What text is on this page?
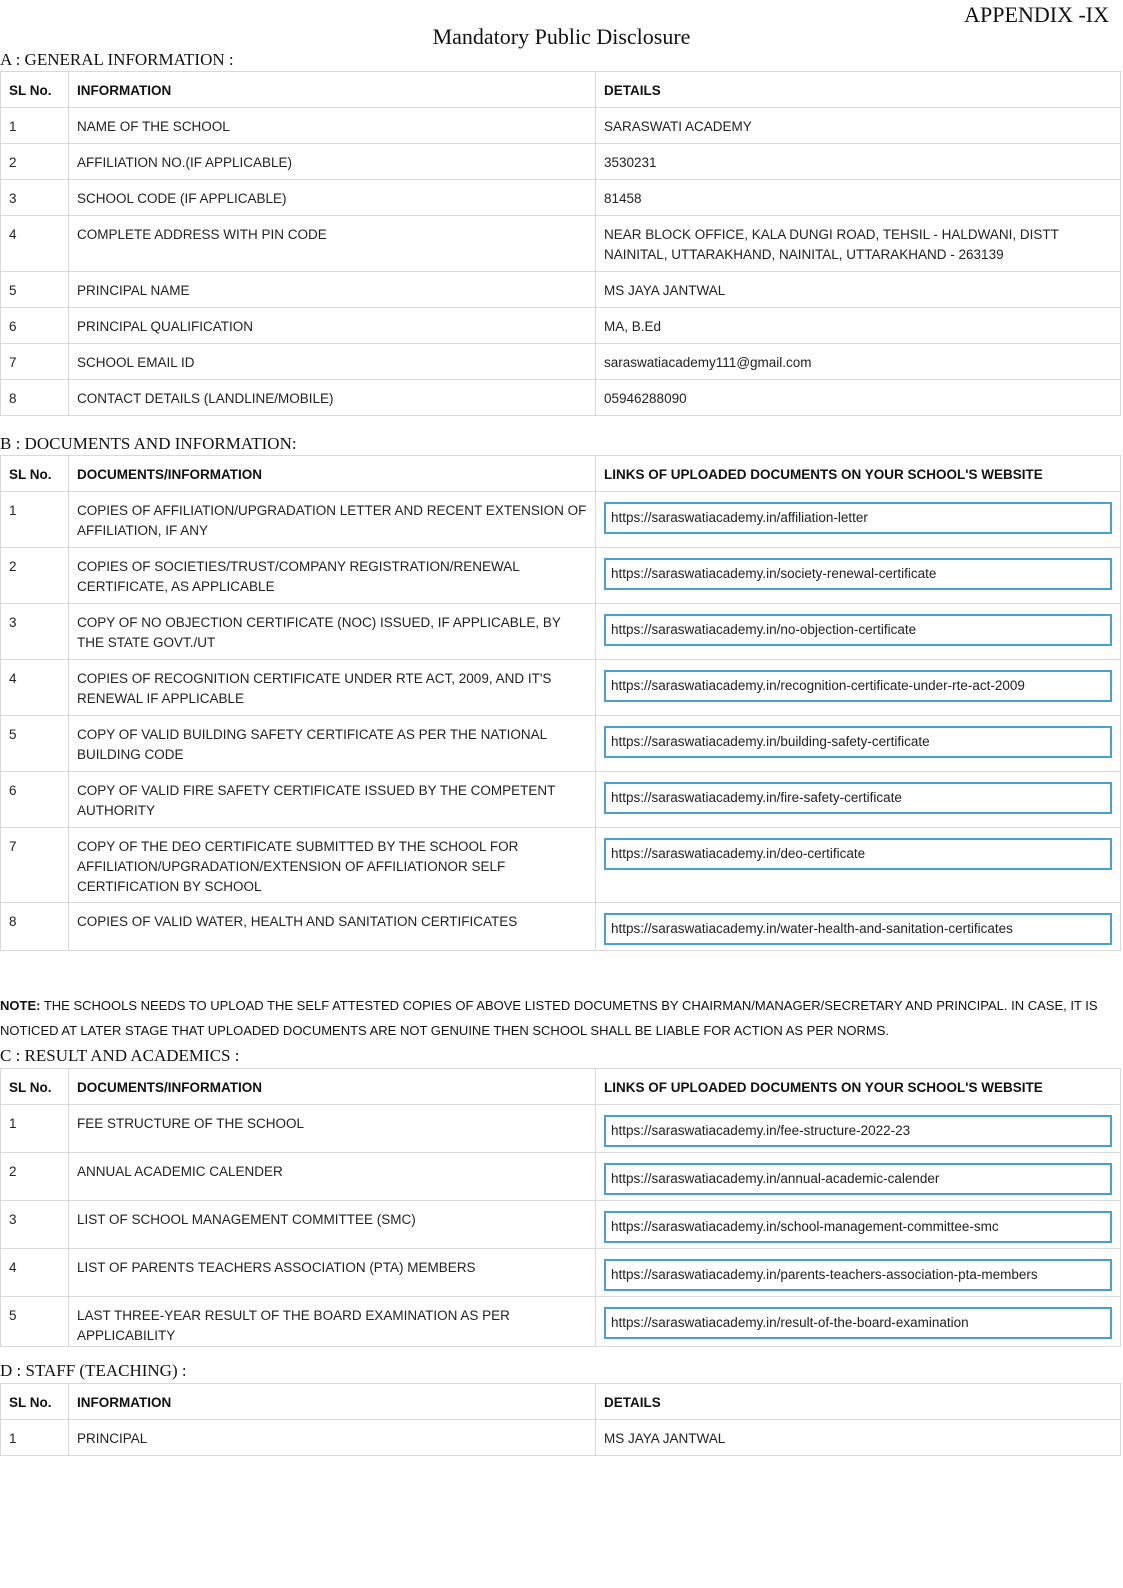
APPENDIX -IX
Mandatory Public Disclosure
A : GENERAL INFORMATION :
SL No.	INFORMATION	DETAILS
1	NAME OF THE SCHOOL	SARASWATI ACADEMY
2	AFFILIATION NO.(IF APPLICABLE)	3530231
3	SCHOOL CODE (IF APPLICABLE)	81458
4	COMPLETE ADDRESS WITH PIN CODE	NEAR BLOCK OFFICE, KALA DUNGI ROAD, TEHSIL - HALDWANI, DISTT NAINITAL, UTTARAKHAND, NAINITAL, UTTARAKHAND - 263139
5	PRINCIPAL NAME	MS JAYA JANTWAL
6	PRINCIPAL QUALIFICATION	MA, B.Ed
7	SCHOOL EMAIL ID	saraswatiacademy111@gmail.com
8	CONTACT DETAILS (LANDLINE/MOBILE)	05946288090
B : DOCUMENTS AND INFORMATION:
SL No.	DOCUMENTS/INFORMATION	LINKS OF UPLOADED DOCUMENTS ON YOUR SCHOOL'S WEBSITE
1	COPIES OF AFFILIATION/UPGRADATION LETTER AND RECENT EXTENSION OF AFFILIATION, IF ANY	https://saraswatiacademy.in/affiliation-letter

2	COPIES OF SOCIETIES/TRUST/COMPANY REGISTRATION/RENEWAL CERTIFICATE, AS APPLICABLE	https://saraswatiacademy.in/society-renewal-certificate

3	COPY OF NO OBJECTION CERTIFICATE (NOC) ISSUED, IF APPLICABLE, BY THE STATE GOVT./UT	https://saraswatiacademy.in/no-objection-certificate

4	COPIES OF RECOGNITION CERTIFICATE UNDER RTE ACT, 2009, AND IT'S RENEWAL IF APPLICABLE	https://saraswatiacademy.in/recognition-certificate-under-rte-act-2009

5	COPY OF VALID BUILDING SAFETY CERTIFICATE AS PER THE NATIONAL BUILDING CODE	https://saraswatiacademy.in/building-safety-certificate

6	COPY OF VALID FIRE SAFETY CERTIFICATE ISSUED BY THE COMPETENT AUTHORITY	https://saraswatiacademy.in/fire-safety-certificate

7	COPY OF THE DEO CERTIFICATE SUBMITTED BY THE SCHOOL FOR AFFILIATION/UPGRADATION/EXTENSION OF AFFILIATIONOR SELF CERTIFICATION BY SCHOOL	https://saraswatiacademy.in/deo-certificate

8	COPIES OF VALID WATER, HEALTH AND SANITATION CERTIFICATES	https://saraswatiacademy.in/water-health-and-sanitation-certificates
NOTE: THE SCHOOLS NEEDS TO UPLOAD THE SELF ATTESTED COPIES OF ABOVE LISTED DOCUMETNS BY CHAIRMAN/MANAGER/SECRETARY AND PRINCIPAL. IN CASE, IT IS NOTICED AT LATER STAGE THAT UPLOADED DOCUMENTS ARE NOT GENUINE THEN SCHOOL SHALL BE LIABLE FOR ACTION AS PER NORMS.
C : RESULT AND ACADEMICS :
SL No.	DOCUMENTS/INFORMATION	LINKS OF UPLOADED DOCUMENTS ON YOUR SCHOOL'S WEBSITE
1	FEE STRUCTURE OF THE SCHOOL	https://saraswatiacademy.in/fee-structure-2022-23

2	ANNUAL ACADEMIC CALENDER	https://saraswatiacademy.in/annual-academic-calender

3	LIST OF SCHOOL MANAGEMENT COMMITTEE (SMC)	https://saraswatiacademy.in/school-management-committee-smc

4	LIST OF PARENTS TEACHERS ASSOCIATION (PTA) MEMBERS	https://saraswatiacademy.in/parents-teachers-association-pta-members

5	LAST THREE-YEAR RESULT OF THE BOARD EXAMINATION AS PER APPLICABILITY	https://saraswatiacademy.in/result-of-the-board-examination
D : STAFF (TEACHING) :
SL No.	INFORMATION	DETAILS
1	PRINCIPAL	MS JAYA JANTWAL
